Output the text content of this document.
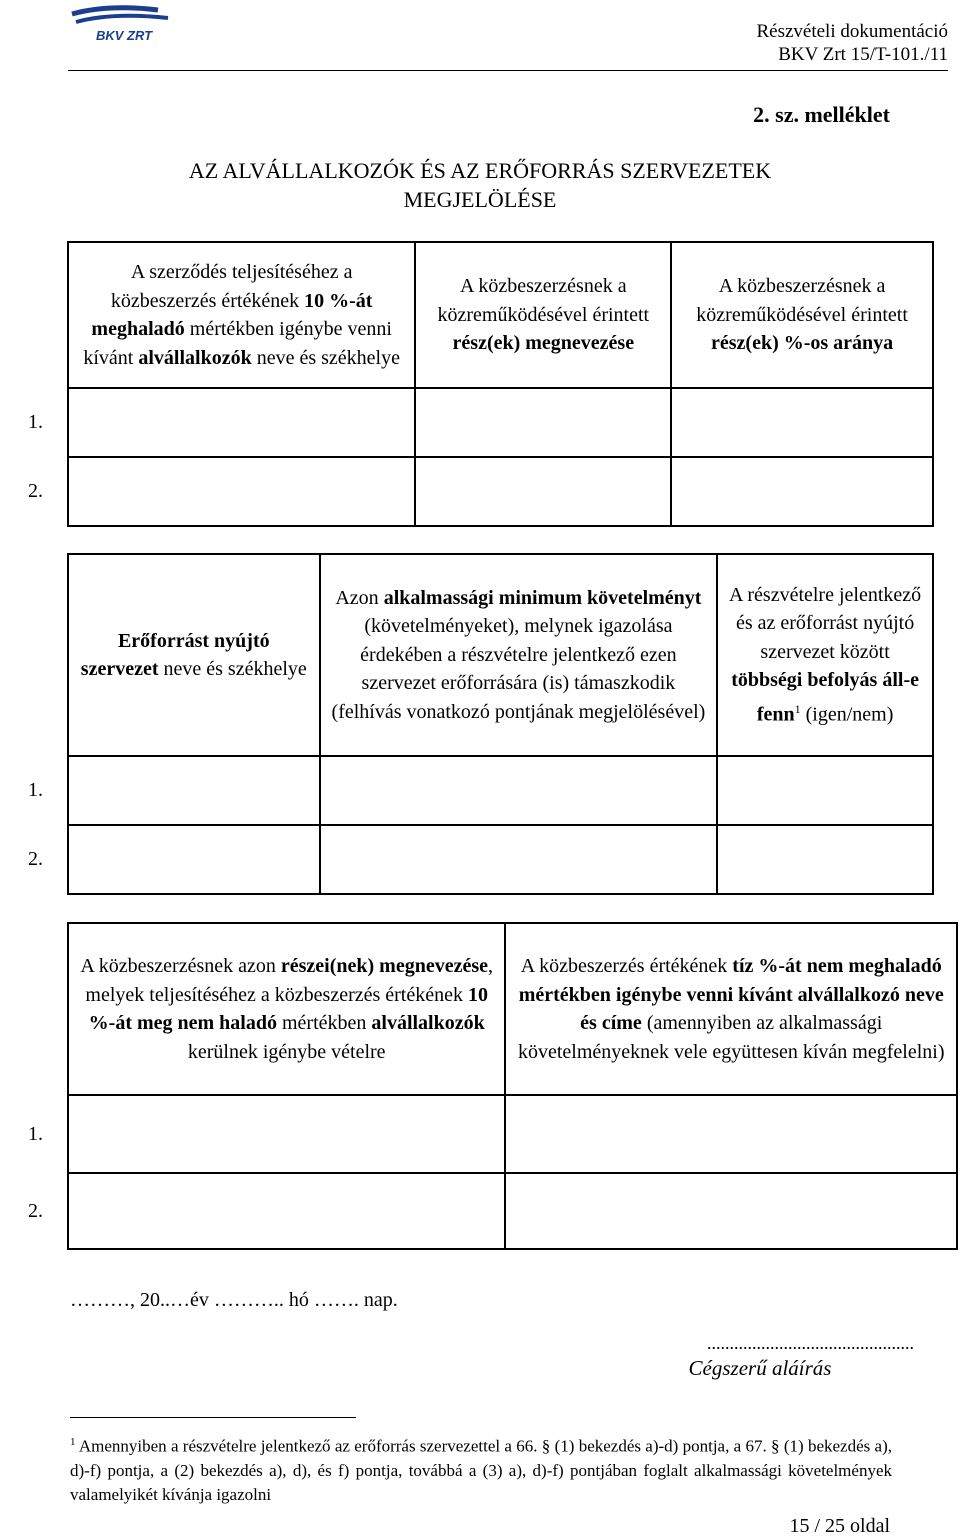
BKV ZRT	Részvételi dokumentáció
BKV Zrt 15/T-101./11
2. sz. melléklet
AZ ALVÁLLALKOZÓK ÉS AZ ERŐFORRÁS SZERVEZETEK
MEGJELÖLÉSE
	A szerződés teljesítéséhez a közbeszerzés értékének 10 %-át meghaladó mértékben igénybe venni kívánt alvállalkozók neve és székhelye	A közbeszerzésnek a közreműködésével érintett rész(ek) megnevezése	A közbeszerzésnek a közreműködésével érintett rész(ek) %-os aránya
1.			
2.			
	Erőforrást nyújtó szervezet neve és székhelye	Azon alkalmassági minimum követelményt (követelményeket), melynek igazolása érdekében a részvételre jelentkező ezen szervezet erőforrására (is) támaszkodik (felhívás vonatkozó pontjának megjelölésével)	A részvételre jelentkező és az erőforrást nyújtó szervezet között többségi befolyás áll-e fenn$^1$ (igen/nem)
1.			
2.			
	A közbeszerzésnek azon részei(nek) megnevezése, melyek teljesítéséhez a közbeszerzés értékének 10 %-át meg nem haladó mértékben alvállalkozók kerülnek igénybe vételre	A közbeszerzés értékének tíz %-át nem meghaladó mértékben igénybe venni kívánt alvállalkozó neve és címe (amennyiben az alkalmassági követelményeknek vele együttesen kíván megfelelni)
1.		
2.		
………, 20..…év ……….. hó ……. nap.
..............................................
Cégszerű aláírás
$^1$ Amennyiben a részvételre jelentkező az erőforrás szervezettel a 66. § (1) bekezdés a)-d) pontja, a 67. § (1) bekezdés a), d)-f) pontja, a (2) bekezdés a), d), és f) pontja, továbbá a (3) a), d)-f) pontjában foglalt alkalmassági követelmények valamelyikét kívánja igazolni
15 / 25 oldal
